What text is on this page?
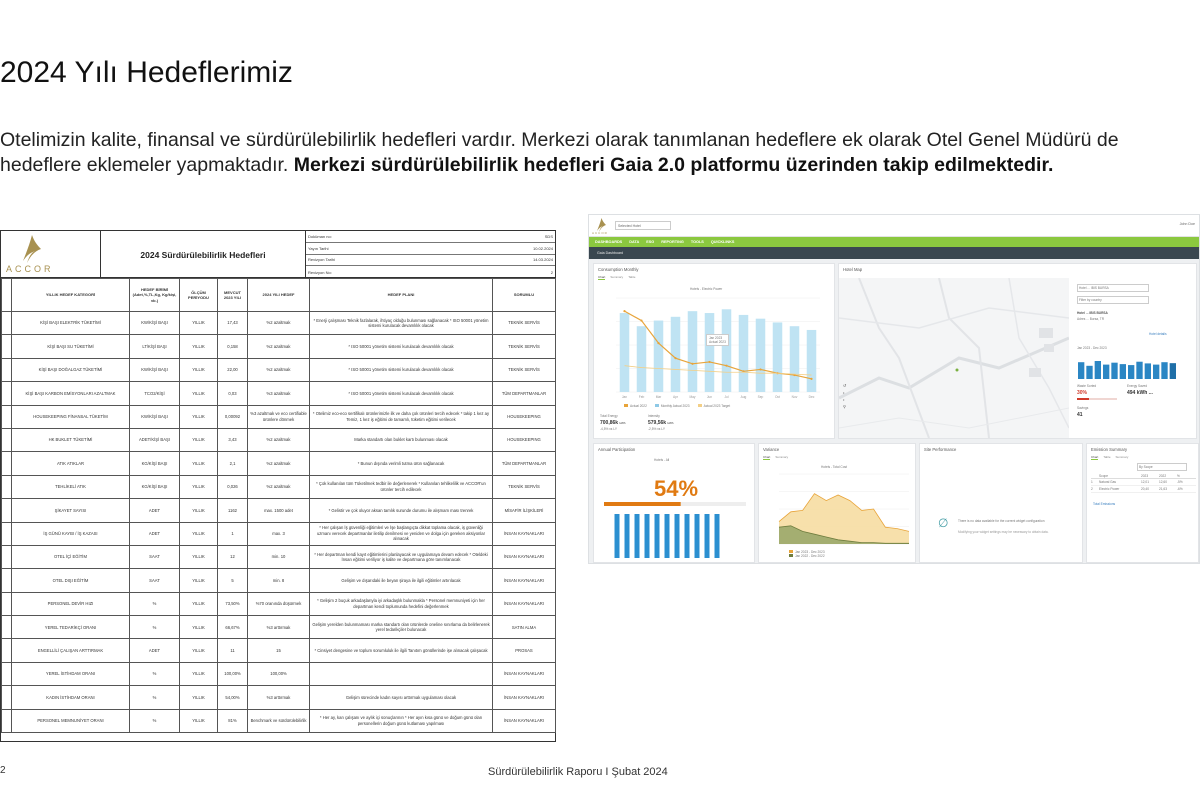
2024 Yılı Hedeflerimiz

Otelimizin kalite, finansal ve sürdürülebilirlik hedefleri vardır. Merkezi olarak tanımlanan hedeflere ek olarak Otel Genel Müdürü de hedeflere eklemeler yapmaktadır. Merkezi sürdürülebilirlik hedefleri Gaia 2.0 platformu üzerinden takip edilmektedir.

ACCOR
2024 Sürdürülebilirlik Hedefleri
Doküman no:	SDS
Yayın Tarihi	10.02.2024
Revizyon Tarihi	14.03.2024
Revizyon No:	2
	YILLIK HEDEF KATEGORİ	HEDEF BİRİMİ (Adet,%,TL,Kg, Kg/kişi, vb.)	ÖLÇÜM PERİYODU	MEVCUT 2023 YILI	2024 YILI HEDEF	HEDEF PLANI	SORUMLU
	KİŞİ BAŞI ELEKTRİK TÜKETİMİ	KW/KİŞİ BAŞI	YILLIK	17,43	%2 azaltmak	* Enerji çalışması Teknik fazlalarak, ihtiyaç olduğu bulunması sağlanacak * ISO 50001 yönetim sistemi kurulacak devamlılık olacak	TEKNİK SERVİS
	KİŞİ BAŞI SU TÜKETİMİ	LT/KİŞİ BAŞI	YILLIK	0,158	%2 azaltmak	* ISO 50001 yönetim sistemi kurulacak devamlılık olacak	TEKNİK SERVİS
	KİŞİ BAŞI DOĞALGAZ TÜKETİMİ	KW/KİŞİ BAŞI	YILLIK	22,00	%2 azaltmak	* ISO 50001 yönetim sistemi kurulacak devamlılık olacak	TEKNİK SERVİS
	KİŞİ BAŞI KARBON EMİSYONLARI AZALTMAK	TCO2/KİŞİ	YILLIK	0,03	%3 azaltmak	* ISO 50001 yönetim sistemi kurulacak devamlılık olacak	TÜM DEPARTMANLAR
	HOUSEKEEPING FİNANSAL TÜKETİM	KW/KİŞİ BAŞI	YILLIK	0,00092	%3 azaltmak ve eco certifiable ürünlere dönmek	* Otelimiz eco-eco sertifikalı ürünlerimizle ilk ve daha çok ürünleri tercih edecek * takip 1 kez ay Temiz, 1 kez iş eğitimi de tamamlı, tüketim eğitimi verilecek	HOUSEKEEPING
	HK BUKLET TÜKETİMİ	ADET/KİŞİ BAŞI	YILLIK	3,43	%2 azaltmak	Marka standartı olan buklet kartı bulunması olacak	HOUSEKEEPING
	ATIK ATIKLAR	KG/KİŞİ BAŞI	YILLIK	2,1	%2 azaltmak	* Bunun dışında verimli tutma ürün sağlanacak	TÜM DEPARTMANLAR
	TEHLİKELİ ATIK	KG/KİŞİ BAŞI	YILLIK	0,026	%2 azaltmak	* Çok kullanılan tüm Tüketilmek tedbir ile değerlenerek * Kullanılan tehlikelilik ve ACCOR'un ürünler tercih edilecek	TEKNİK SERVİS
	ŞİKAYET SAYISI	ADET	YILLIK	1162	max. 1500 adet	* Gelistir ve çok oluyor aksan tamlık surunde durumu ile alışmam ması trenrek	MİSAFİR İLİŞKİLERİ
	İŞ GÜNÜ KAYBI / İŞ KAZASI	ADET	YILLIK	1	max. 3	* Her çalışan İş güvenliği eğitimleri ve İşe başlangıçta dikkat toplama olacak, iş güvenliği uzmanı verecek departmanlar iletilip denilmesi ve yeniden ve dolga için gereken aksiyonlar alınacak	İNSAN KAYNAKLARI
	OTEL İÇİ EĞİTİM	SAAT	YILLIK	12	min. 10	* Her departman kendi kayıt eğitimlerini planlayacak ve uygulamaya devam edecek * Oteldeki İnsan eğitimi veriliyor iş kalite ve departmana göre tanımlanacak	İNSAN KAYNAKLARI
	OTEL DIŞI EĞİTİM	SAAT	YILLIK	5	min. 8	Gelişim ve dışarıdaki ile beyan şiraya ile ilgili eğitimler artırılacak	İNSAN KAYNAKLARI
	PERSONEL DEVİR HIZI	%	YILLIK	73,50%	%70 oranında düşürmek	* Gelişim 2 buçuk arkadaşlarıyla iyi arkadaşlık bulunmakla * Personel memnuniyeti için her departman kendi toplumunda hedefini değerlenmek	İNSAN KAYNAKLARI
	YEREL TEDARİKÇİ ORANI	%	YILLIK	66,67%	%3 arttırmak	Gelişim yerelden bulunmaması marka standartı olan ürünlerde oneline sınırlama da belirlenerek yerel tedarikçiler bulunacak	SATIN ALMA
	ENGELLİLİ ÇALIŞAN ARTTIRMAK	ADET	YILLIK	11	15	* Cinsiyet dengesine ve toplum sorumluluk ile ilgili Tanıtım gönüllerinde işe alınacak çalışacak	PROSAS
	YEREL İSTİHDAM ORANI	%	YILLIK	100,00%	100,00%		İNSAN KAYNAKLARI
	KADIN İSTİHDAM ORANI	%	YILLIK	54,00%	%3 arttırmak	Gelişim sürecinde kadın sayısı arttırmak uygulaması olacak	İNSAN KAYNAKLARI
	PERSONEL MEMNUNİYET ORANI	%	YILLIK	81%	Benchmark ve sürdürülebilirlik	* Her ay, kan çalışanı ve aylık içi sonuçlarının * Her ayın kısa günü ve doğum günü olan personellerin doğum günü kutlaması yapılması	İNSAN KAYNAKLARI
2	Sürdürülebilirlik Raporu I Şubat 2024
ACCOR
Selected Hotel	John Doe
DASHBOARDS DATA ESG REPORTING TOOLS QUICKLINKS
Gaia Dashboard
Consumption Monthly
Chart Summary Table
Hotels - Electric Power
Jan	Feb	Mar	Apr	May	Jun	Jul	Aug	Sep	Oct	Nov	Dec
Jan 2023
Actual 2023
Total Energy
700,86k kWh
-4,5% vs LY
Intensity
579,56k kWh
-2,5% vs LY
Actual 2022	Monthly Actual 2023	Actual 2023 Target
Hotel Map
↺
•
•
⚲
Hotel ... IBIS BURSA
Filter by country
Hotel ... IBIS BURSA
Adres ... Bursa, TR
Hotel details
Jan 2023 - Dec 2023
Waste Sorted
30%
Energy Saved
494 kWh ...
Savings
41
Annual Participation
Hotels - All
54%
Variance
Chart Summary
Hotels - Total Cost
Jan 2023 - Dec 2023
Jan 2022 - Dec 2022
Site Performance
∅	There is no data available for the current widget configuration
Modifying your widget settings may be necessary to obtain data.
Emission Summary
Chart Table Summary
By Scope
Scope	2023	2022	%
1	Natural Gas	12,01	12,60	-5%
2	Electric Power	20,40	21,63	-6%
Total Emissions
